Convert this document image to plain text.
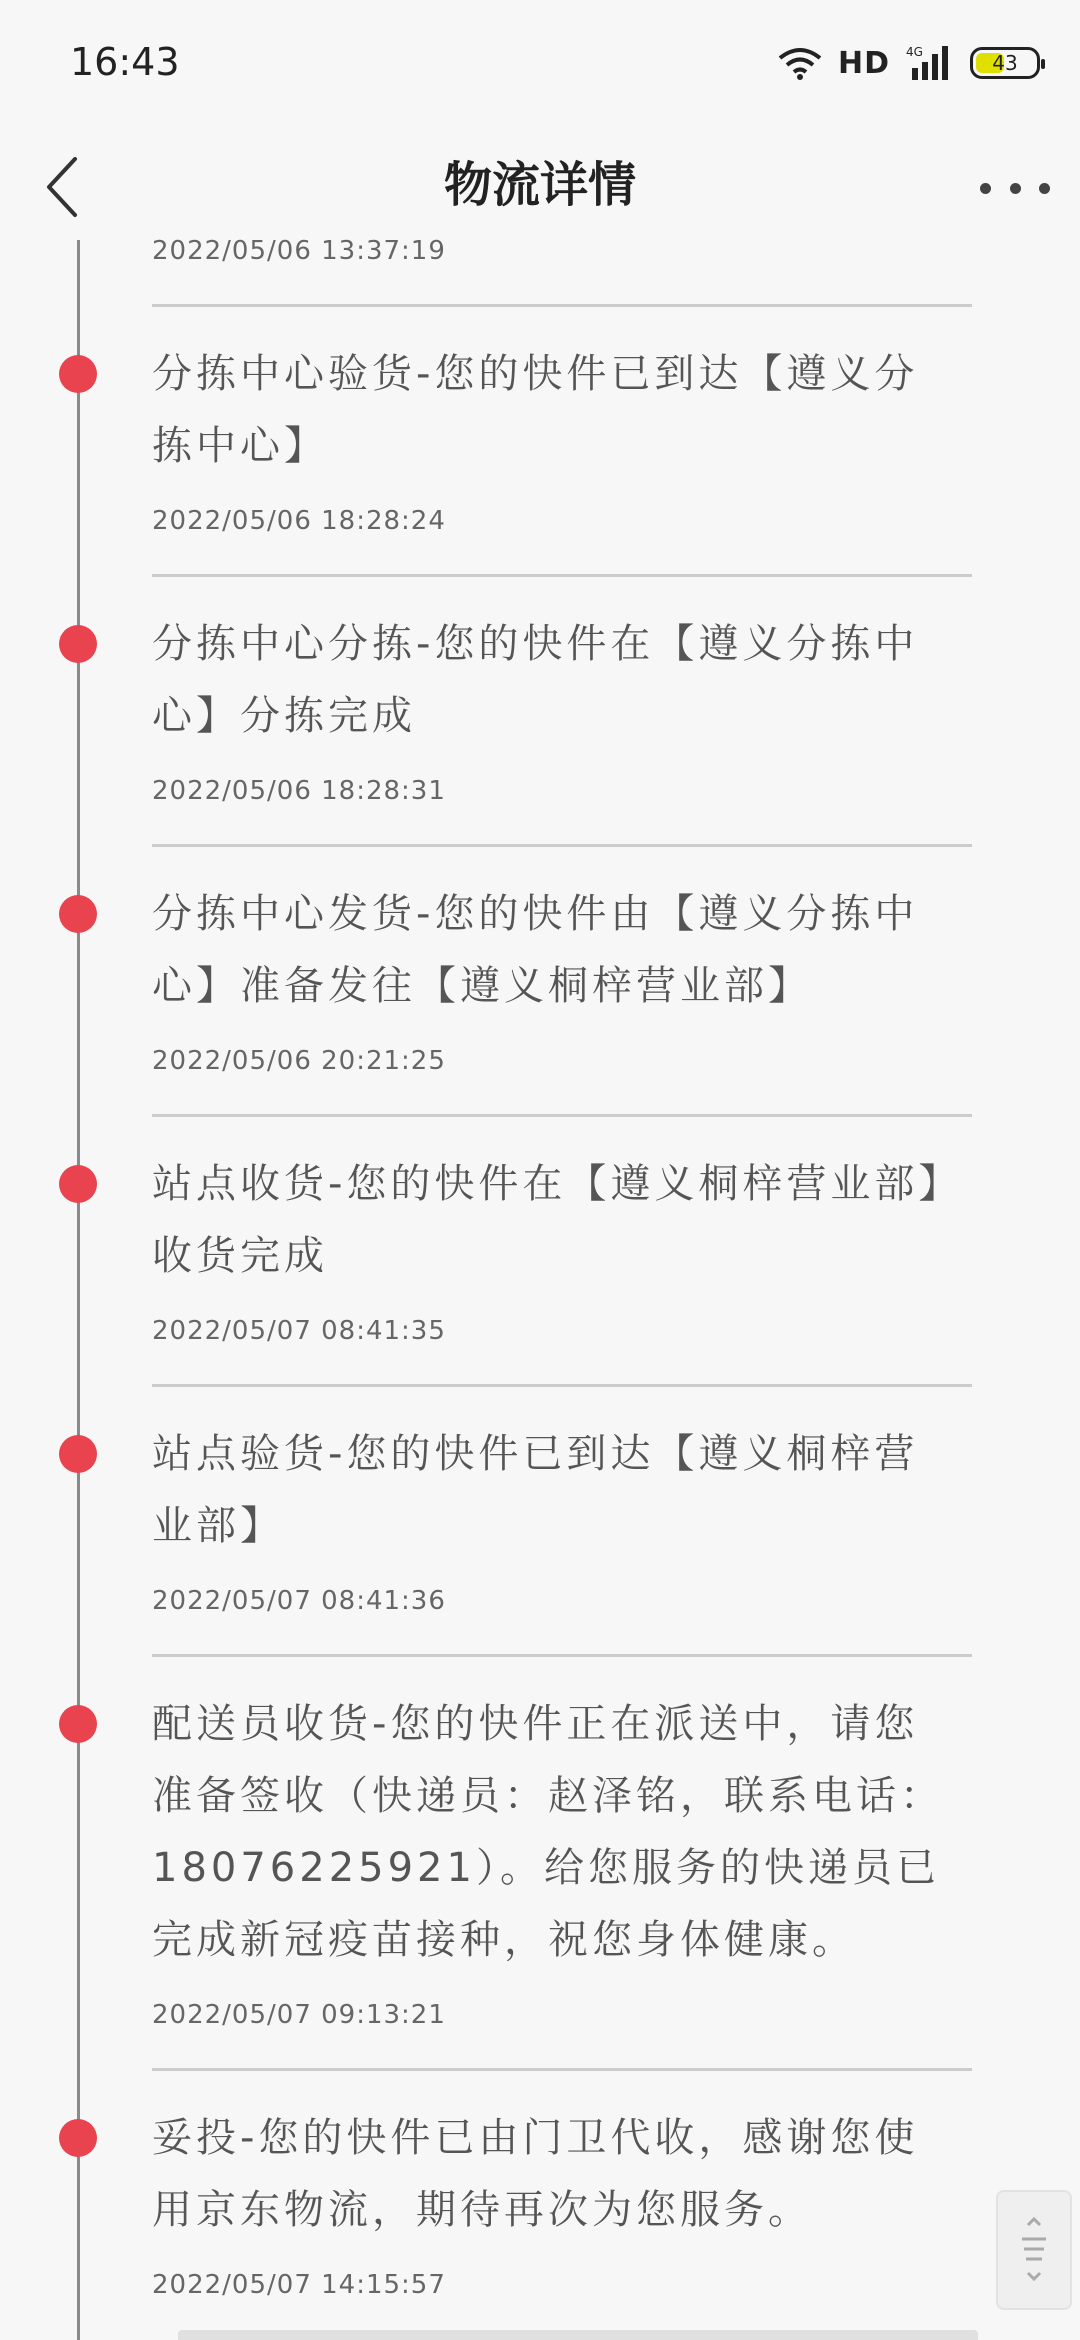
16:43	HD 4G	43
物流详情
2022/05/06 13:37:19
分拣中心验货-您的快件已到达【遵义分拣中心】
2022/05/06 18:28:24
分拣中心分拣-您的快件在【遵义分拣中心】分拣完成
2022/05/06 18:28:31
分拣中心发货-您的快件由【遵义分拣中心】准备发往【遵义桐梓营业部】
2022/05/06 20:21:25
站点收货-您的快件在【遵义桐梓营业部】收货完成
2022/05/07 08:41:35
站点验货-您的快件已到达【遵义桐梓营业部】
2022/05/07 08:41:36
配送员收货-您的快件正在派送中，请您准备签收（快递员：赵泽铭，联系电话：18076225921）。给您服务的快递员已完成新冠疫苗接种，祝您身体健康。
2022/05/07 09:13:21
妥投-您的快件已由门卫代收，感谢您使用京东物流，期待再次为您服务。
2022/05/07 14:15:57
